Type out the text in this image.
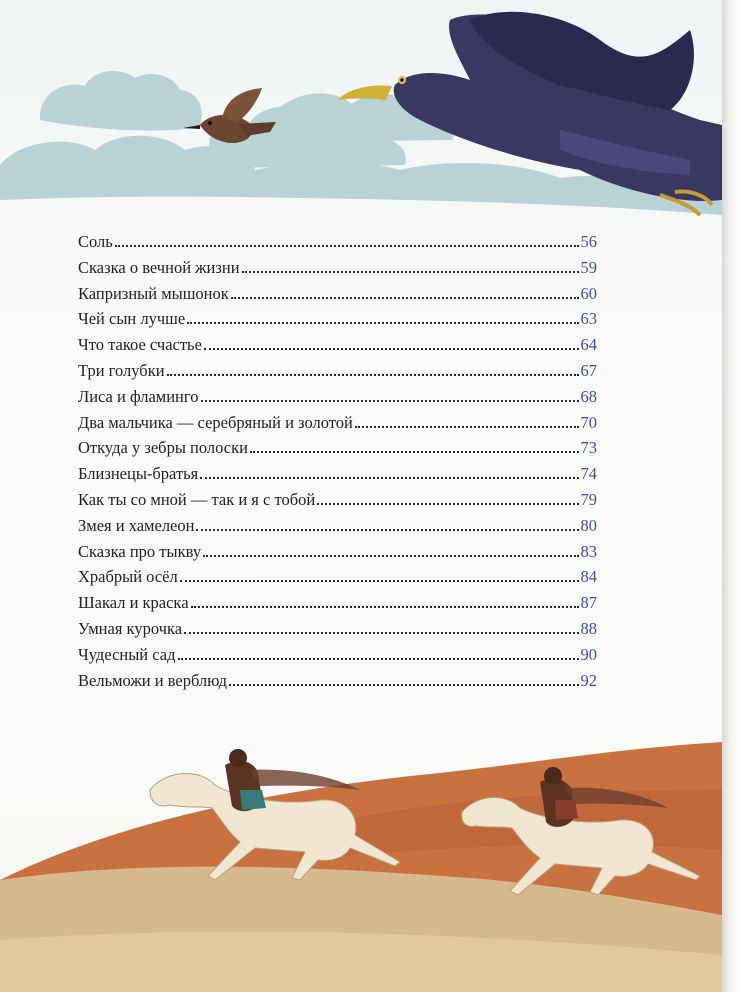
Соль	56
Сказка о вечной жизни	59
Капризный мышонок	60
Чей сын лучше	63
Что такое счастье	64
Три голубки	67
Лиса и фламинго	68
Два мальчика — серебряный и золотой	70
Откуда у зебры полоски	73
Близнецы-братья	74
Как ты со мной — так и я с тобой	79
Змея и хамелеон	80
Сказка про тыкву	83
Храбрый осёл	84
Шакал и краска	87
Умная курочка	88
Чудесный сад	90
Вельможи и верблюд	92
